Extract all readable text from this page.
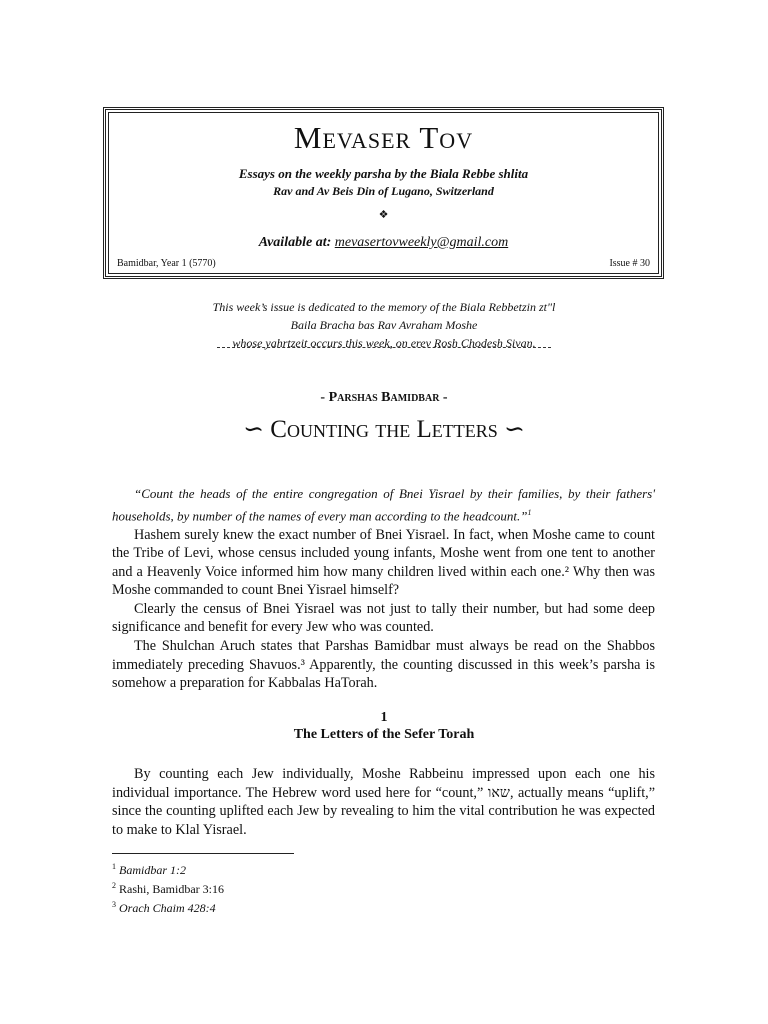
Mevaser Tov
Essays on the weekly parsha by the Biala Rebbe shlita
Rav and Av Beis Din of Lugano, Switzerland
❖
Available at: mevasertovweekly@gmail.com
Bamidbar, Year 1 (5770)	Issue # 30
This week’s issue is dedicated to the memory of the Biala Rebbetzin zt"l
Baila Bracha bas Rav Avraham Moshe
whose yahrtzeit occurs this week, on erev Rosh Chodesh Sivan.
- Parshas Bamidbar -
∽ Counting the Letters ∽

“Count the heads of the entire congregation of Bnei Yisrael by their families, by their fathers' households, by number of the names of every man according to the headcount.”$^1$

Hashem surely knew the exact number of Bnei Yisrael. In fact, when Moshe came to count the Tribe of Levi, whose census included young infants, Moshe went from one tent to another and a Heavenly Voice informed him how many children lived within each one.² Why then was Moshe commanded to count Bnei Yisrael himself?

Clearly the census of Bnei Yisrael was not just to tally their number, but had some deep significance and benefit for every Jew who was counted.

The Shulchan Aruch states that Parshas Bamidbar must always be read on the Shabbos immediately preceding Shavuos.³ Apparently, the counting discussed in this week’s parsha is somehow a preparation for Kabbalas HaTorah.

1
The Letters of the Sefer Torah

By counting each Jew individually, Moshe Rabbeinu impressed upon each one his individual importance. The Hebrew word used here for “count,” שאו, actually means “uplift,” since the counting uplifted each Jew by revealing to him the vital contribution he was expected to make to Klal Yisrael.

$^1$ Bamidbar 1:2
$^2$ Rashi, Bamidbar 3:16
$^3$ Orach Chaim 428:4
